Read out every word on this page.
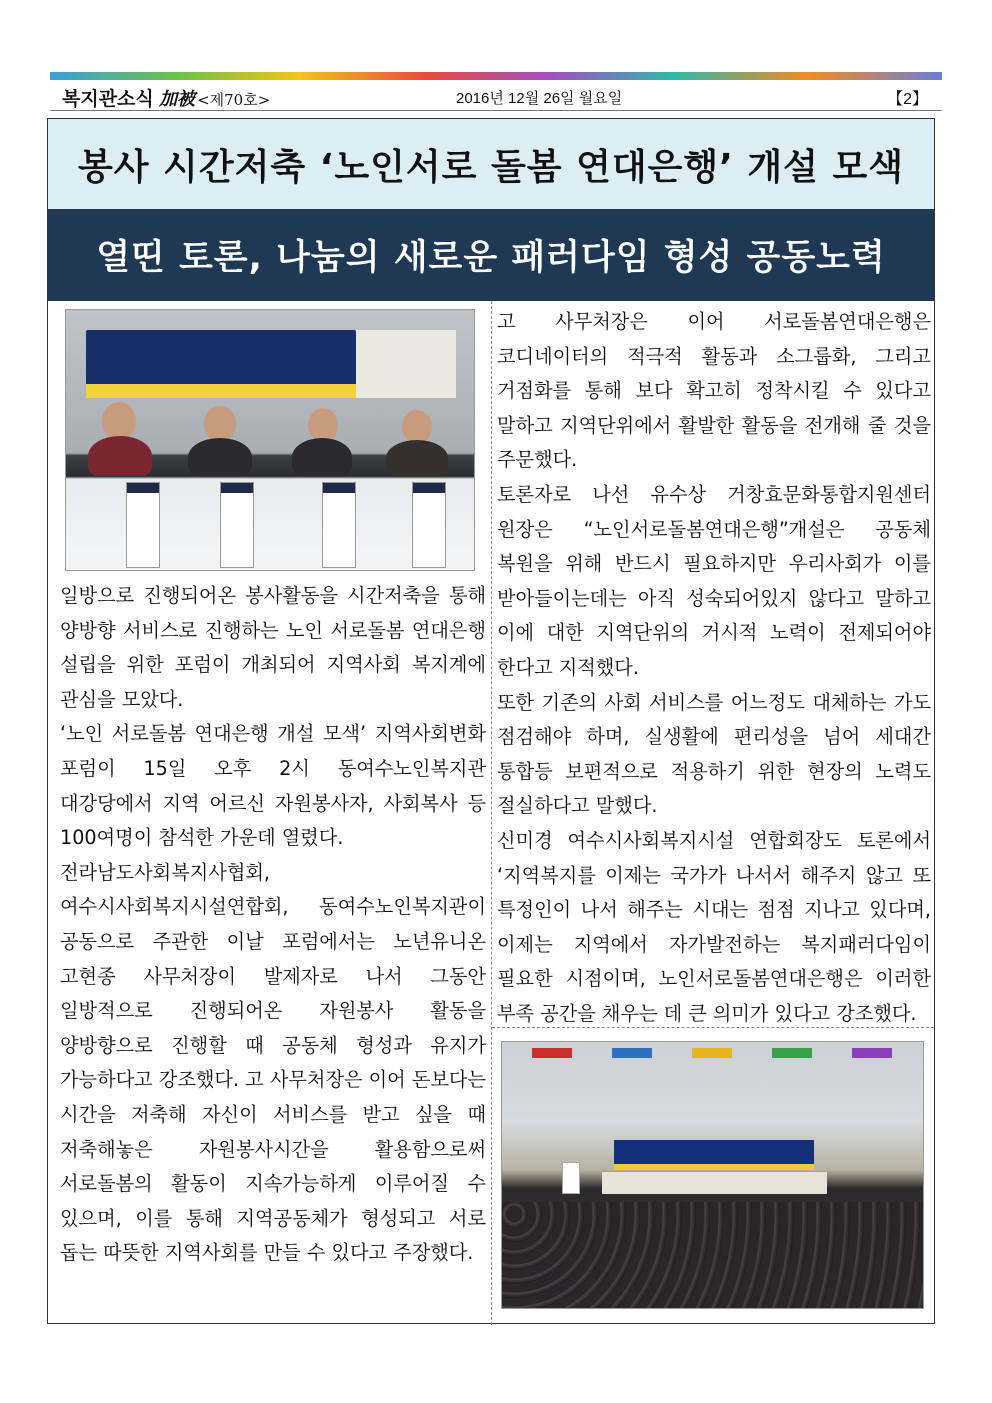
복지관소식 加被 <제70호>	2016년 12월 26일 월요일	【2】
봉사 시간저축 ‘노인서로 돌봄 연대은행’ 개설 모색
열띤 토론, 나눔의 새로운 패러다임 형성 공동노력

일방으로 진행되어온 봉사활동을 시간저축을 통해 양방향 서비스로 진행하는 노인 서로돌봄 연대은행 설립을 위한 포럼이 개최되어 지역사회 복지계에 관심을 모았다.

‘노인 서로돌봄 연대은행 개설 모색’ 지역사회변화 포럼이 15일 오후 2시 동여수노인복지관 대강당에서 지역 어르신 자원봉사자, 사회복사 등 100여명이 참석한 가운데 열렸다.

전라남도사회복지사협회, 여수시사회복지시설연합회, 동여수노인복지관이 공동으로 주관한 이날 포럼에서는 노년유니온 고현종 사무처장이 발제자로 나서 그동안 일방적으로 진행되어온 자원봉사 활동을 양방향으로 진행할 때 공동체 형성과 유지가 가능하다고 강조했다. 고 사무처장은 이어 돈보다는 시간을 저축해 자신이 서비스를 받고 싶을 때 저축해놓은 자원봉사시간을 활용함으로써 서로돌봄의 활동이 지속가능하게 이루어질 수 있으며, 이를 통해 지역공동체가 형성되고 서로 돕는 따뜻한 지역사회를 만들 수 있다고 주장했다.

고 사무처장은 이어 서로돌봄연대은행은 코디네이터의 적극적 활동과 소그룹화, 그리고 거점화를 통해 보다 확고히 정착시킬 수 있다고 말하고 지역단위에서 활발한 활동을 전개해 줄 것을 주문했다.

토론자로 나선 유수상 거창효문화통합지원센터 원장은 “노인서로돌봄연대은행”개설은 공동체 복원을 위해 반드시 필요하지만 우리사회가 이를 받아들이는데는 아직 성숙되어있지 않다고 말하고 이에 대한 지역단위의 거시적 노력이 전제되어야 한다고 지적했다.

또한 기존의 사회 서비스를 어느정도 대체하는 가도 점검해야 하며, 실생활에 편리성을 넘어 세대간 통합등 보편적으로 적용하기 위한 현장의 노력도 절실하다고 말했다.

신미경 여수시사회복지시설 연합회장도 토론에서 ‘지역복지를 이제는 국가가 나서서 해주지 않고 또 특정인이 나서 해주는 시대는 점점 지나고 있다며, 이제는 지역에서 자가발전하는 복지패러다임이 필요한 시점이며, 노인서로돌봄연대은행은 이러한 부족 공간을 채우는 데 큰 의미가 있다고 강조했다.
